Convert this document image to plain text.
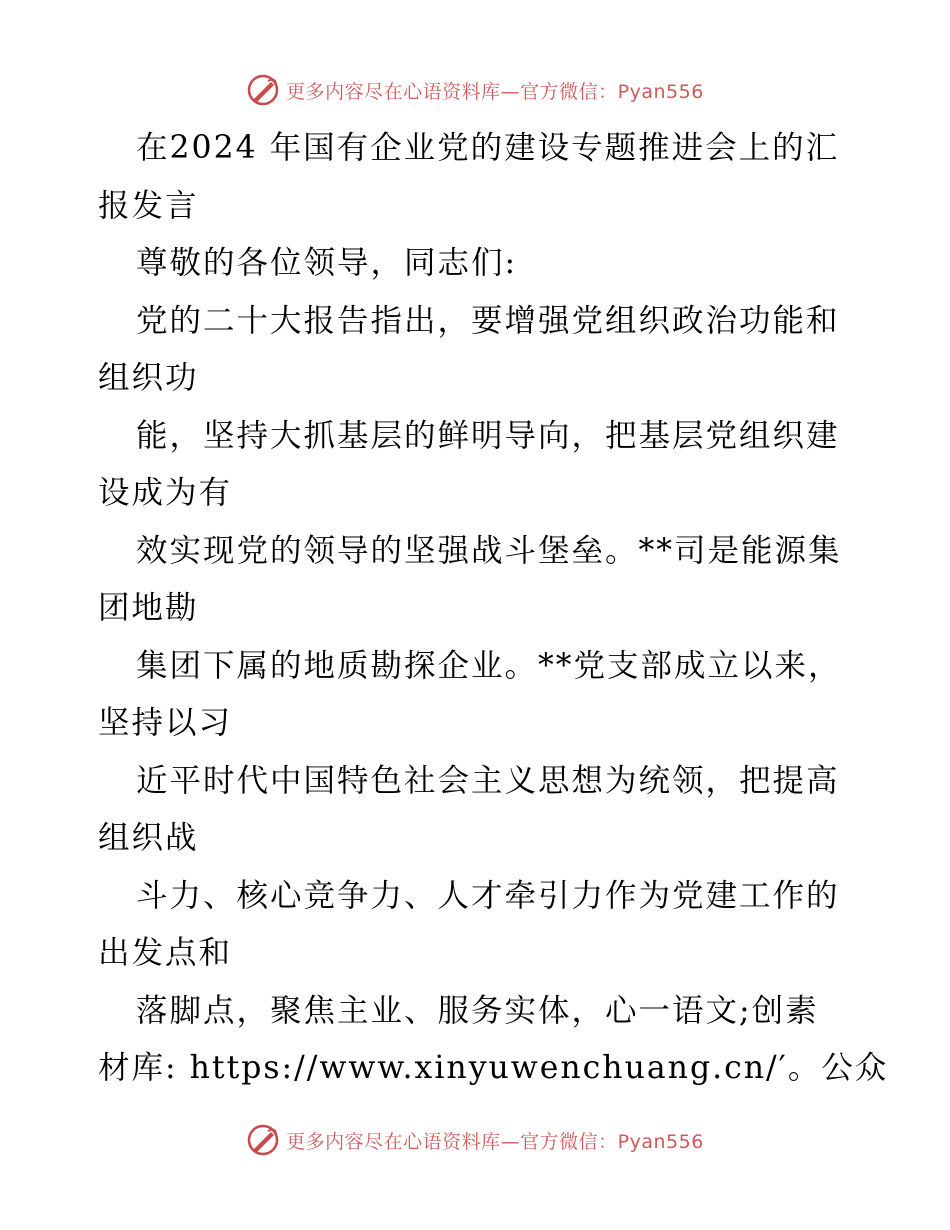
更多内容尽在心语资料库—官方微信：Pyan556
在2024 年国有企业党的建设专题推进会上的汇
报发言
尊敬的各位领导，同志们:
党的二十大报告指出，要增强党组织政治功能和
组织功
能，坚持大抓基层的鲜明导向，把基层党组织建
设成为有
效实现党的领导的坚强战斗堡垒。**司是能源集
团地勘
集团下属的地质勘探企业。**党支部成立以来，
坚持以习
近平时代中国特色社会主义思想为统领，把提高
组织战
斗力、核心竞争力、人才牵引力作为党建工作的
出发点和
落脚点，聚焦主业、服务实体，心一语文;创素
材库: https://www.xinyuwenchuang.cn/′。公众
更多内容尽在心语资料库—官方微信：Pyan556
